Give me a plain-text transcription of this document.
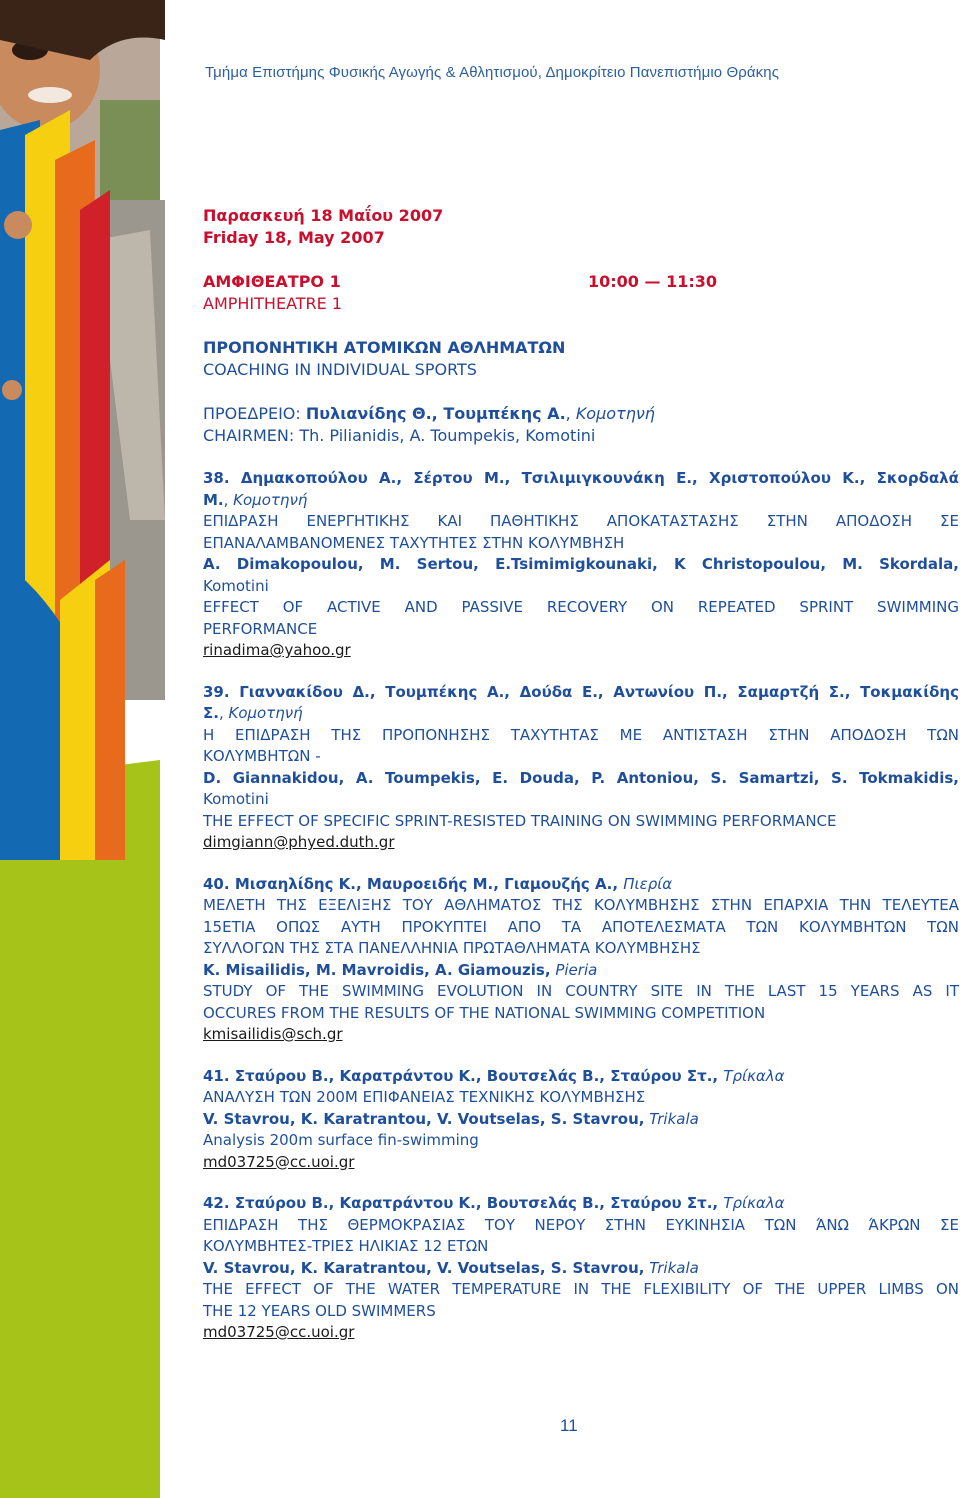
Τμήμα Επιστήμης Φυσικής Αγωγής & Αθλητισμού, Δημοκρίτειο Πανεπιστήμιο Θράκης
Παρασκευή 18 Μαΐου 2007
Friday 18, May 2007
ΑΜΦΙΘΕΑΤΡΟ 1	10:00 — 11:30
AMPHITHEATRE 1
ΠΡΟΠΟΝΗΤΙΚΗ ΑΤΟΜΙΚΩΝ ΑΘΛΗΜΑΤΩΝ
COACHING IN INDIVIDUAL SPORTS
ΠΡΟΕΔΡΕΙΟ: Πυλιανίδης Θ., Τουμπέκης Α., Κομοτηνή
CHAIRMEN: Th. Pilianidis, A. Toumpekis, Komotini
38. Δημακοπούλου Α., Σέρτου Μ., Τσιλιμιγκουνάκη Ε., Χριστοπούλου Κ., Σκορδαλά
Μ., Κομοτηνή
ΕΠΙΔΡΑΣΗ ΕΝΕΡΓΗΤΙΚΗΣ ΚΑΙ ΠΑΘΗΤΙΚΗΣ ΑΠΟΚΑΤΑΣΤΑΣΗΣ ΣΤΗΝ ΑΠΟΔΟΣΗ ΣΕ
ΕΠΑΝΑΛΑΜΒΑΝΟΜΕΝΕΣ ΤΑΧΥΤΗΤΕΣ ΣΤΗΝ ΚΟΛΥΜΒΗΣΗ
A. Dimakopoulou, M. Sertou, E.Tsimimigkounaki, K Christopoulou, M. Skordala,
Komotini
EFFECT OF ACTIVE AND PASSIVE RECOVERY ON REPEATED SPRINT SWIMMING
PERFORMANCE
rinadima@yahoo.gr
39. Γιαννακίδου Δ., Τουμπέκης Α., Δούδα Ε., Αντωνίου Π., Σαμαρτζή Σ., Τοκμακίδης
Σ., Κομοτηνή
Η ΕΠΙΔΡΑΣΗ ΤΗΣ ΠΡΟΠΟΝΗΣΗΣ ΤΑΧΥΤΗΤΑΣ ΜΕ ΑΝΤΙΣΤΑΣΗ ΣΤΗΝ ΑΠΟΔΟΣΗ ΤΩΝ
ΚΟΛΥΜΒΗΤΩΝ -
D. Giannakidou, A. Toumpekis, E. Douda, P. Antoniou, S. Samartzi, S. Tokmakidis,
Komotini
THE EFFECT OF SPECIFIC SPRINT-RESISTED TRAINING ON SWIMMING PERFORMANCE
dimgiann@phyed.duth.gr
40. Μισαηλίδης Κ., Μαυροειδής Μ., Γιαμουζής Α., Πιερία
ΜΕΛΕΤΗ ΤΗΣ ΕΞΕΛΙΞΗΣ ΤΟΥ ΑΘΛΗΜΑΤΟΣ ΤΗΣ ΚΟΛΥΜΒΗΣΗΣ ΣΤΗΝ ΕΠΑΡΧΙΑ ΤΗΝ ΤΕΛΕΥΤΕΑ
15ΕΤΙΑ ΟΠΩΣ ΑΥΤΗ ΠΡΟΚΥΠΤΕΙ ΑΠΟ ΤΑ ΑΠΟΤΕΛΕΣΜΑΤΑ ΤΩΝ ΚΟΛΥΜΒΗΤΩΝ ΤΩΝ
ΣΥΛΛΟΓΩΝ ΤΗΣ ΣΤΑ ΠΑΝΕΛΛΗΝΙΑ ΠΡΩΤΑΘΛΗΜΑΤΑ ΚΟΛΥΜΒΗΣΗΣ
K. Misailidis, M. Mavroidis, A. Giamouzis, Pieria
STUDY OF THE SWIMMING EVOLUTION IN COUNTRY SITE IN THE LAST 15 YEARS AS IT
OCCURES FROM THE RESULTS OF THE NATIONAL SWIMMING COMPETITION
kmisailidis@sch.gr
41. Σταύρου Β., Καρατράντου Κ., Βουτσελάς Β., Σταύρου Στ., Τρίκαλα
ΑΝΑΛΥΣΗ ΤΩΝ 200Μ ΕΠΙΦΑΝΕΙΑΣ ΤΕΧΝΙΚΗΣ ΚΟΛΥΜΒΗΣΗΣ
V. Stavrou, K. Karatrantou, V. Voutselas, S. Stavrou, Trikala
Analysis 200m surface fin-swimming
md03725@cc.uoi.gr
42. Σταύρου Β., Καρατράντου Κ., Βουτσελάς Β., Σταύρου Στ., Τρίκαλα
ΕΠΙΔΡΑΣΗ ΤΗΣ ΘΕΡΜΟΚΡΑΣΙΑΣ ΤΟΥ ΝΕΡΟΥ ΣΤΗΝ ΕΥΚΙΝΗΣΙΑ ΤΩΝ ΆΝΩ ΆΚΡΩΝ ΣΕ
ΚΟΛΥΜΒΗΤΕΣ-ΤΡΙΕΣ ΗΛΙΚΙΑΣ 12 ΕΤΩΝ
V. Stavrou, K. Karatrantou, V. Voutselas, S. Stavrou, Trikala
THE EFFECT OF THE WATER TEMPERATURE IN THE FLEXIBILITY OF THE UPPER LIMBS ON
THE 12 YEARS OLD SWIMMERS
md03725@cc.uoi.gr
11
